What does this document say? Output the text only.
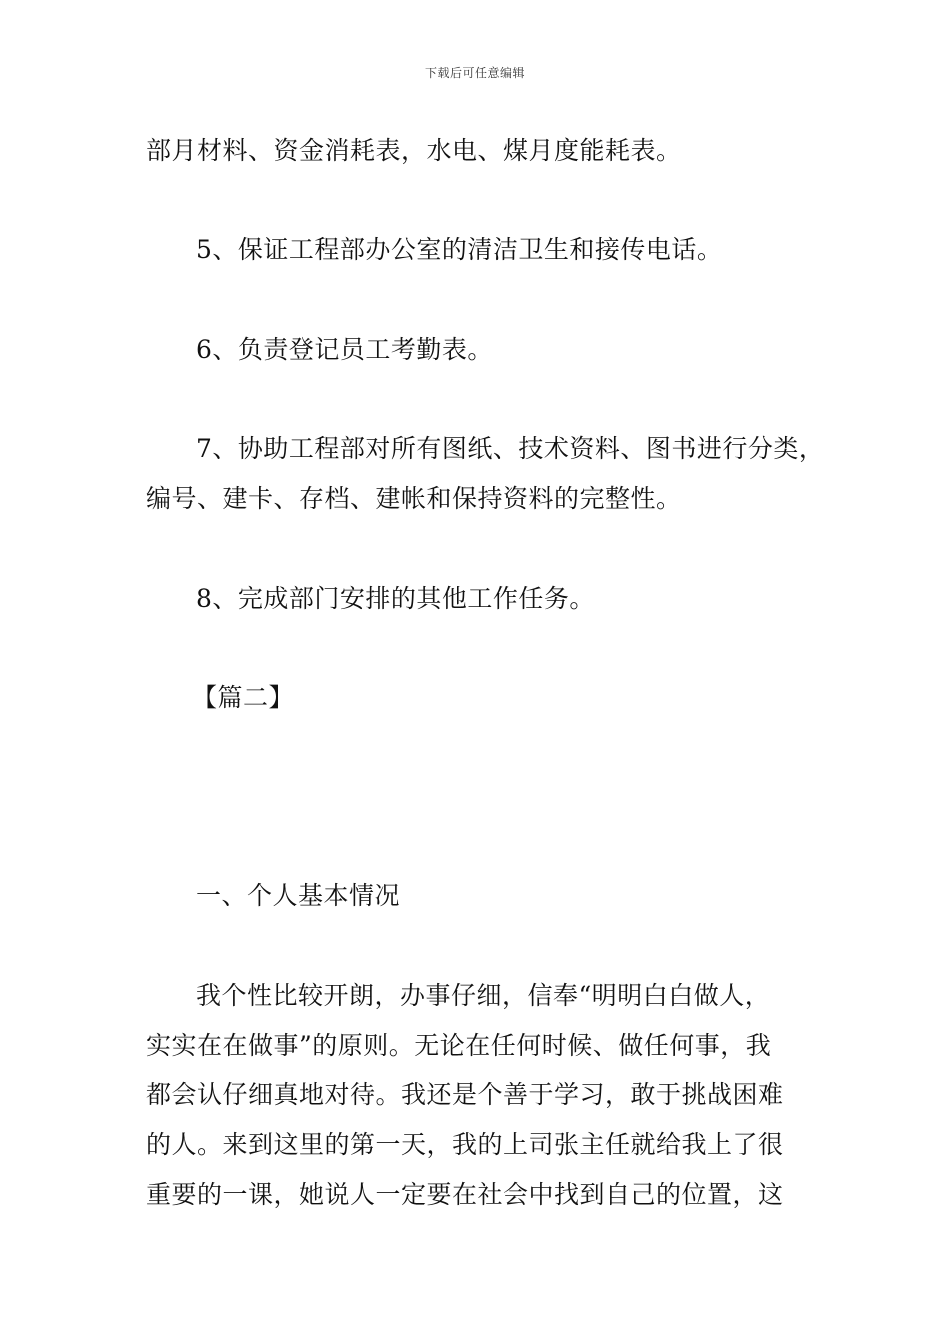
下载后可任意编辑
部月材料、资金消耗表，水电、煤月度能耗表。
5、保证工程部办公室的清洁卫生和接传电话。
6、负责登记员工考勤表。
7、协助工程部对所有图纸、技术资料、图书进行分类，
编号、建卡、存档、建帐和保持资料的完整性。
8、完成部门安排的其他工作任务。
【篇二】
一、个人基本情况
我个性比较开朗，办事仔细，信奉“明明白白做人，
实实在在做事”的原则。无论在任何时候、做任何事，我
都会认仔细真地对待。我还是个善于学习，敢于挑战困难
的人。来到这里的第一天，我的上司张主任就给我上了很
重要的一课，她说人一定要在社会中找到自己的位置，这
